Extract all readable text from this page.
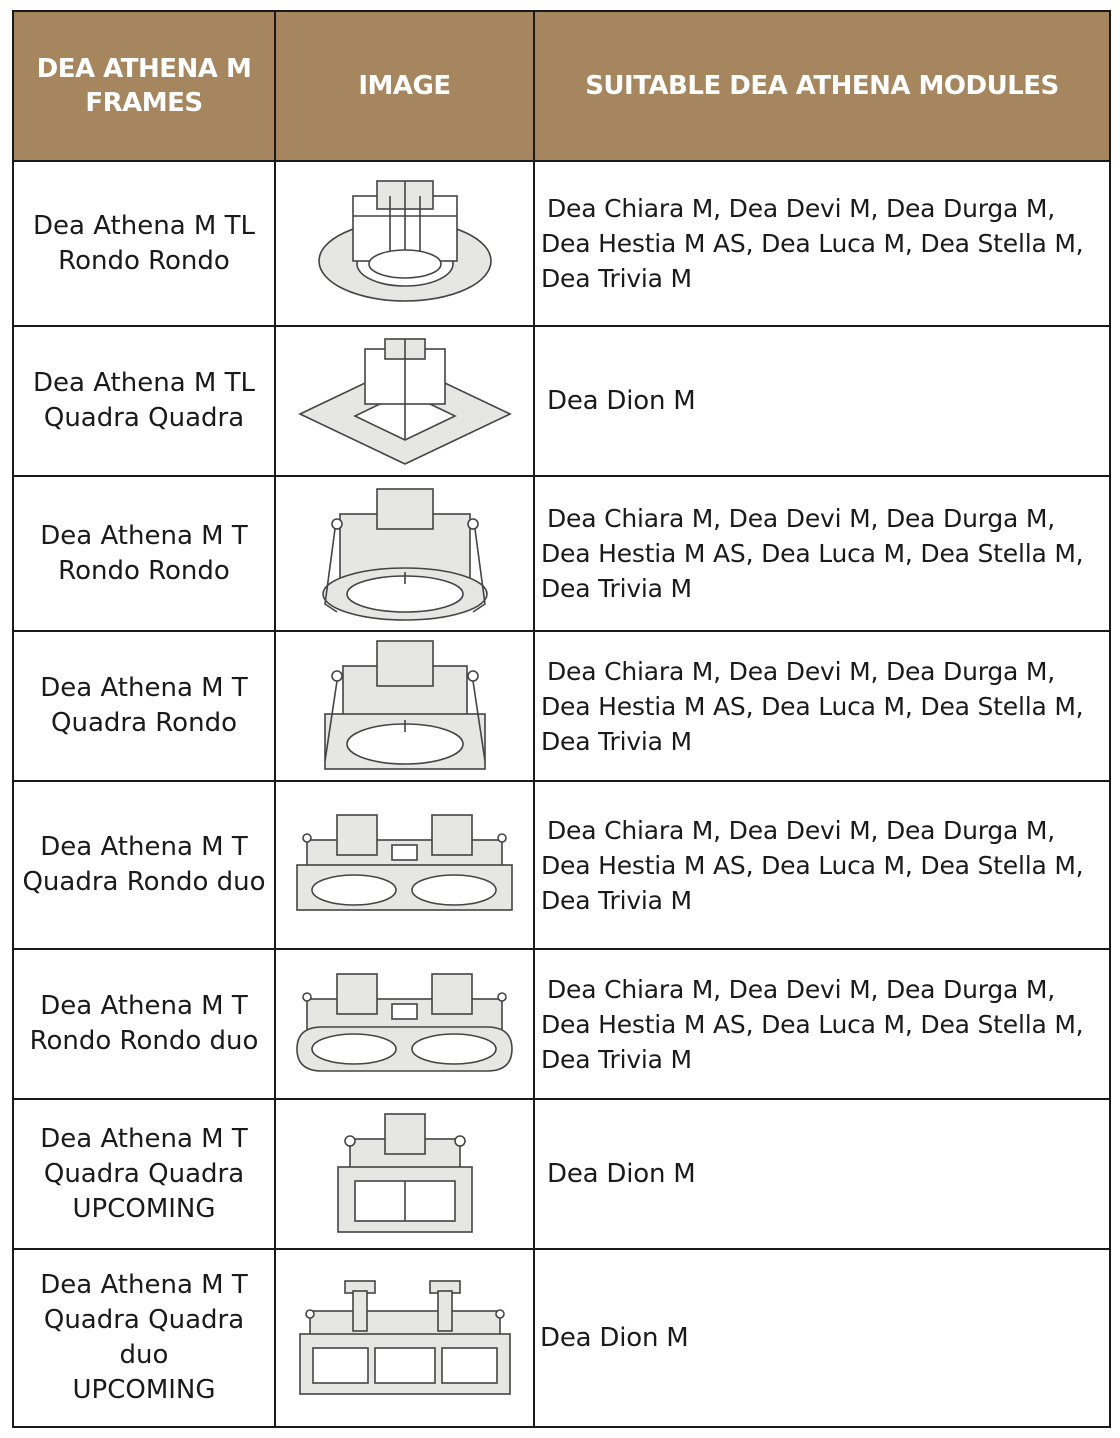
DEA ATHENA M
FRAMES	IMAGE	SUITABLE DEA ATHENA MODULES
Dea Athena M TL
Rondo Rondo		Dea Chiara M, Dea Devi M, Dea Durga M,
Dea Hestia M AS, Dea Luca M, Dea Stella M,
Dea Trivia M

Dea Athena M TL
Quadra Quadra		Dea Dion M
Dea Athena M T
Rondo Rondo		Dea Chiara M, Dea Devi M, Dea Durga M,
Dea Hestia M AS, Dea Luca M, Dea Stella M,
Dea Trivia M

Dea Athena M T
Quadra Rondo		Dea Chiara M, Dea Devi M, Dea Durga M,
Dea Hestia M AS, Dea Luca M, Dea Stella M,
Dea Trivia M

Dea Athena M T
Quadra Rondo duo		Dea Chiara M, Dea Devi M, Dea Durga M,
Dea Hestia M AS, Dea Luca M, Dea Stella M,
Dea Trivia M

Dea Athena M T
Rondo Rondo duo		Dea Chiara M, Dea Devi M, Dea Durga M,
Dea Hestia M AS, Dea Luca M, Dea Stella M,
Dea Trivia M

Dea Athena M T
Quadra Quadra
UPCOMING		Dea Dion M
Dea Athena M T
Quadra Quadra
duo
UPCOMING		Dea Dion M
